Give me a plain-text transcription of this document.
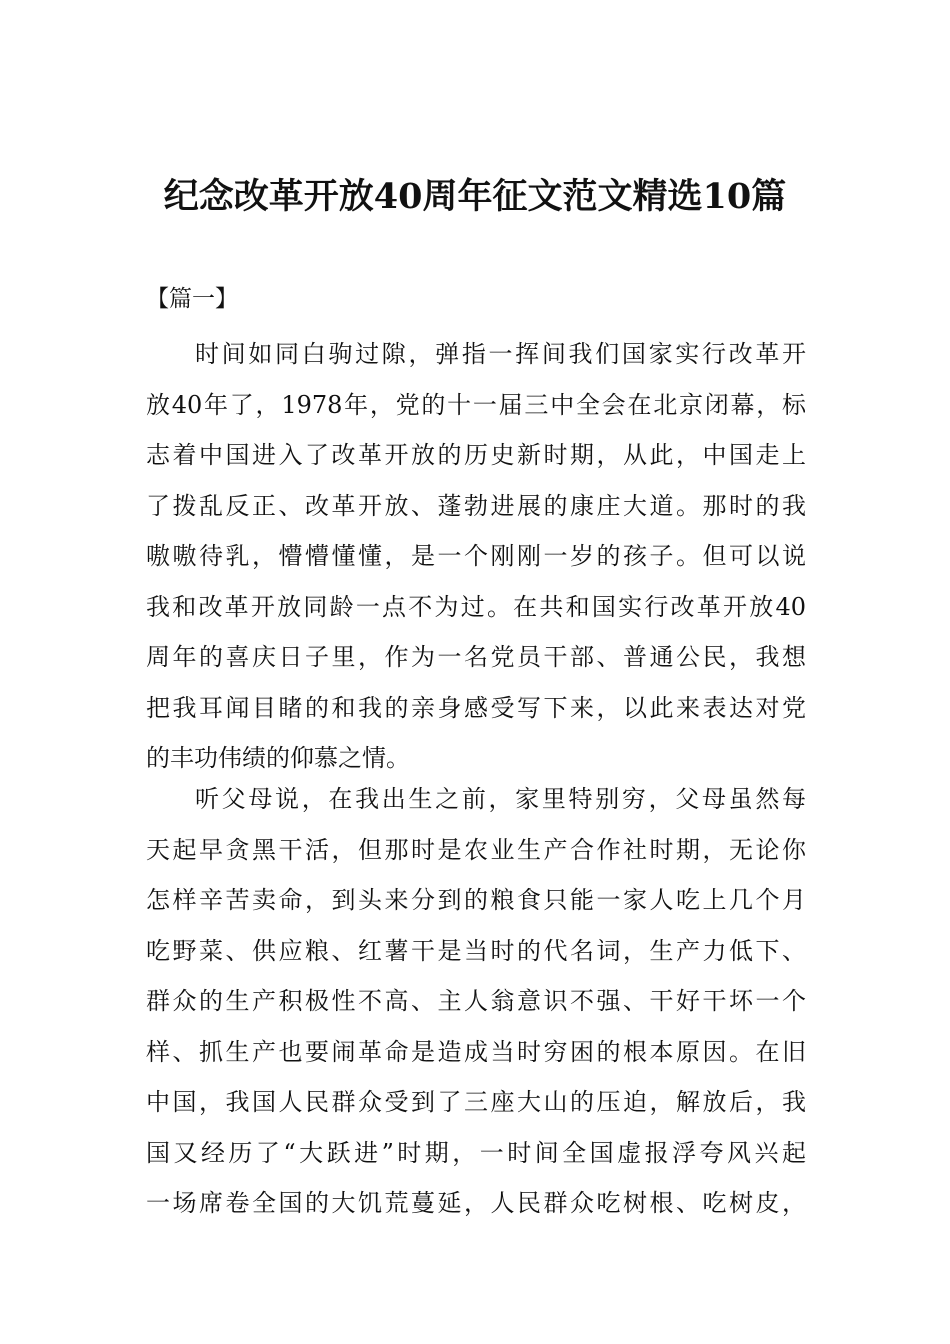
纪念改革开放40周年征文范文精选10篇
【篇一】
时间如同白驹过隙，弹指一挥间我们国家实行改革开
放40年了，1978年，党的十一届三中全会在北京闭幕，标
志着中国进入了改革开放的历史新时期，从此，中国走上
了拨乱反正、改革开放、蓬勃进展的康庄大道。那时的我
嗷嗷待乳，懵懵懂懂，是一个刚刚一岁的孩子。但可以说
我和改革开放同龄一点不为过。在共和国实行改革开放40
周年的喜庆日子里，作为一名党员干部、普通公民，我想
把我耳闻目睹的和我的亲身感受写下来，以此来表达对党
的丰功伟绩的仰慕之情。
听父母说，在我出生之前，家里特别穷，父母虽然每
天起早贪黑干活，但那时是农业生产合作社时期，无论你
怎样辛苦卖命，到头来分到的粮食只能一家人吃上几个月
吃野菜、供应粮、红薯干是当时的代名词，生产力低下、
群众的生产积极性不高、主人翁意识不强、干好干坏一个
样、抓生产也要闹革命是造成当时穷困的根本原因。在旧
中国，我国人民群众受到了三座大山的压迫，解放后，我
国又经历了“大跃进”时期，一时间全国虚报浮夸风兴起
一场席卷全国的大饥荒蔓延，人民群众吃树根、吃树皮，
